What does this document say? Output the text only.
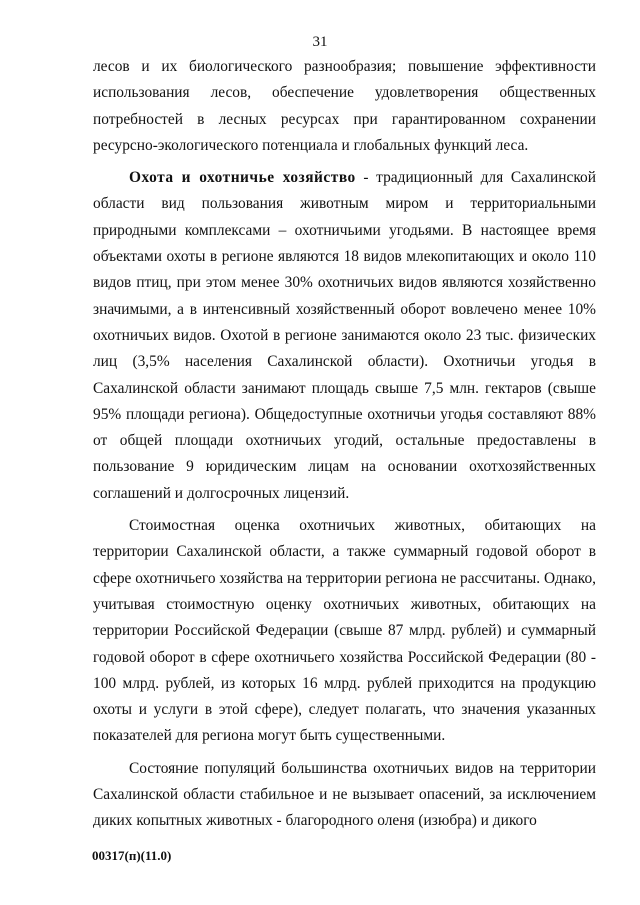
31

лесов и их биологического разнообразия; повышение эффективности использования лесов, обеспечение удовлетворения общественных потребностей в лесных ресурсах при гарантированном сохранении ресурсно-экологического потенциала и глобальных функций леса.

Охота и охотничье хозяйство - традиционный для Сахалинской области вид пользования животным миром и территориальными природными комплексами – охотничьими угодьями. В настоящее время объектами охоты в регионе являются 18 видов млекопитающих и около 110 видов птиц, при этом менее 30% охотничьих видов являются хозяйственно значимыми, а в интенсивный хозяйственный оборот вовлечено менее 10% охотничьих видов. Охотой в регионе занимаются около 23 тыс. физических лиц (3,5% населения Сахалинской области). Охотничьи угодья в Сахалинской области занимают площадь свыше 7,5 млн. гектаров (свыше 95% площади региона). Общедоступные охотничьи угодья составляют 88% от общей площади охотничьих угодий, остальные предоставлены в пользование 9 юридическим лицам на основании охотхозяйственных соглашений и долгосрочных лицензий.

Стоимостная оценка охотничьих животных, обитающих на территории Сахалинской области, а также суммарный годовой оборот в сфере охотничьего хозяйства на территории региона не рассчитаны. Однако, учитывая стоимостную оценку охотничьих животных, обитающих на территории Российской Федерации (свыше 87 млрд. рублей) и суммарный годовой оборот в сфере охотничьего хозяйства Российской Федерации (80 - 100 млрд. рублей, из которых 16 млрд. рублей приходится на продукцию охоты и услуги в этой сфере), следует полагать, что значения указанных показателей для региона могут быть существенными.

Состояние популяций большинства охотничьих видов на территории Сахалинской области стабильное и не вызывает опасений, за исключением диких копытных животных - благородного оленя (изюбра) и дикого

00317(п)(11.0)
